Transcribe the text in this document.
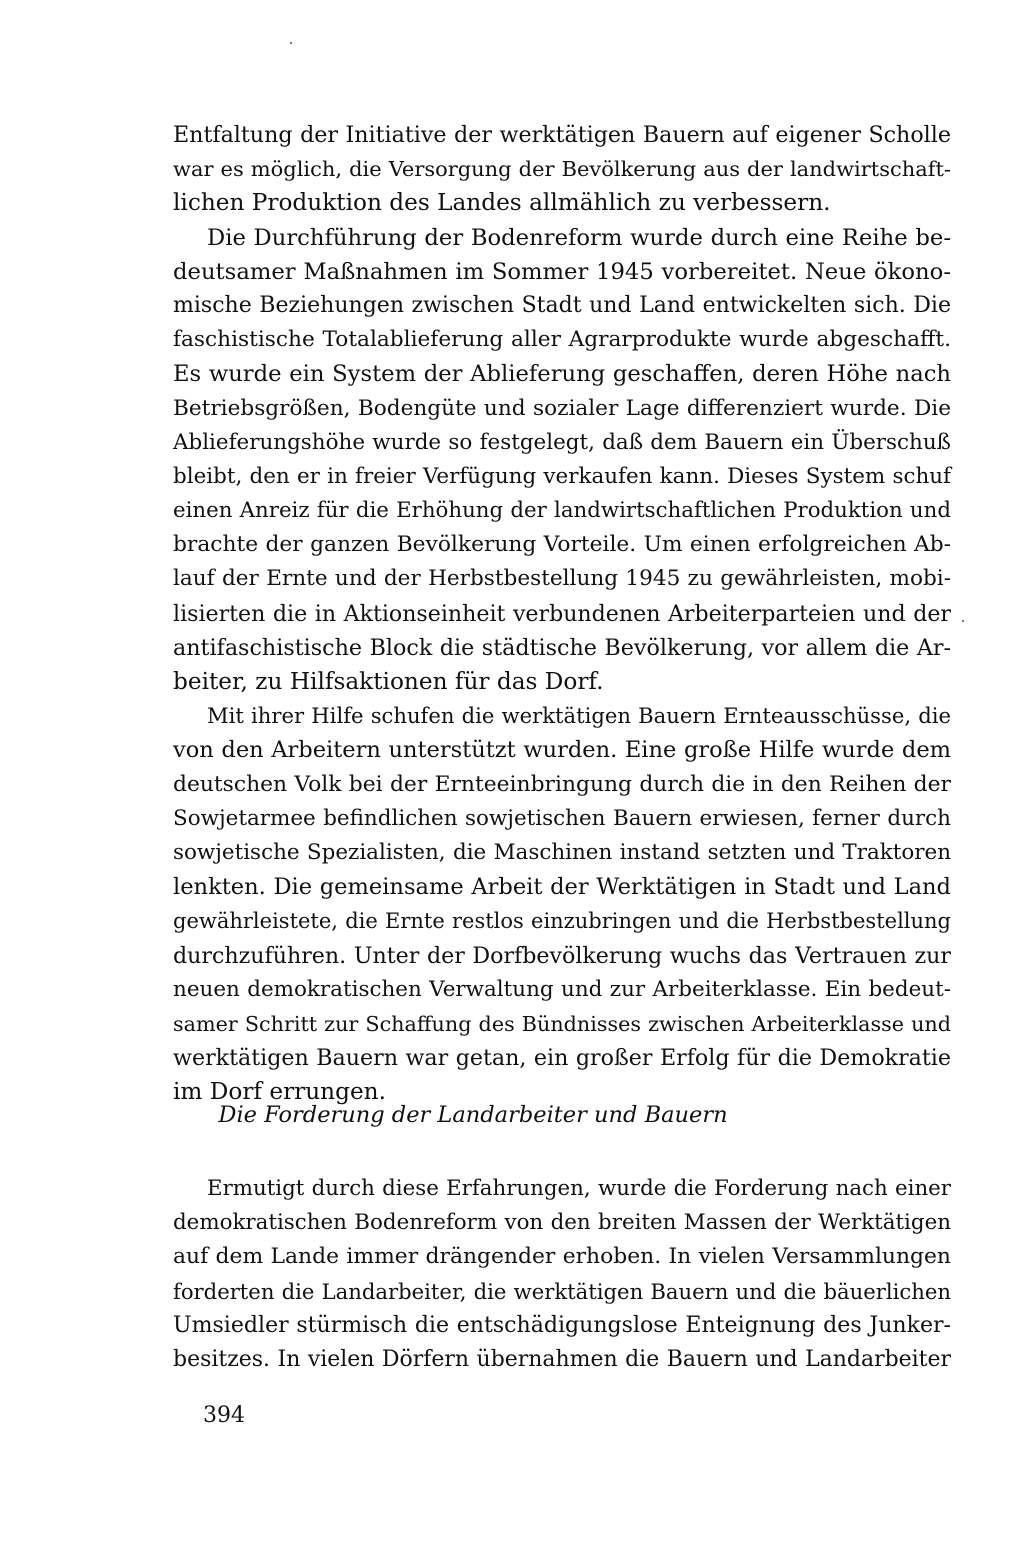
Entfaltung der Initiative der werktätigen Bauern auf eigener Scholle
war es möglich, die Versorgung der Bevölkerung aus der landwirtschaft-
lichen Produktion des Landes allmählich zu verbessern.
Die Durchführung der Bodenreform wurde durch eine Reihe be-
deutsamer Maßnahmen im Sommer 1945 vorbereitet. Neue ökono-
mische Beziehungen zwischen Stadt und Land entwickelten sich. Die
faschistische Totalablieferung aller Agrarprodukte wurde abgeschafft.
Es wurde ein System der Ablieferung geschaffen, deren Höhe nach
Betriebsgrößen, Bodengüte und sozialer Lage differenziert wurde. Die
Ablieferungshöhe wurde so festgelegt, daß dem Bauern ein Überschuß
bleibt, den er in freier Verfügung verkaufen kann. Dieses System schuf
einen Anreiz für die Erhöhung der landwirtschaftlichen Produktion und
brachte der ganzen Bevölkerung Vorteile. Um einen erfolgreichen Ab-
lauf der Ernte und der Herbstbestellung 1945 zu gewährleisten, mobi-
lisierten die in Aktionseinheit verbundenen Arbeiterparteien und der
antifaschistische Block die städtische Bevölkerung, vor allem die Ar-
beiter, zu Hilfsaktionen für das Dorf.
Mit ihrer Hilfe schufen die werktätigen Bauern Ernteausschüsse, die
von den Arbeitern unterstützt wurden. Eine große Hilfe wurde dem
deutschen Volk bei der Ernteeinbringung durch die in den Reihen der
Sowjetarmee befindlichen sowjetischen Bauern erwiesen, ferner durch
sowjetische Spezialisten, die Maschinen instand setzten und Traktoren
lenkten. Die gemeinsame Arbeit der Werktätigen in Stadt und Land
gewährleistete, die Ernte restlos einzubringen und die Herbstbestellung
durchzuführen. Unter der Dorfbevölkerung wuchs das Vertrauen zur
neuen demokratischen Verwaltung und zur Arbeiterklasse. Ein bedeut-
samer Schritt zur Schaffung des Bündnisses zwischen Arbeiterklasse und
werktätigen Bauern war getan, ein großer Erfolg für die Demokratie
im Dorf errungen.
Die Forderung der Landarbeiter und Bauern
Ermutigt durch diese Erfahrungen, wurde die Forderung nach einer
demokratischen Bodenreform von den breiten Massen der Werktätigen
auf dem Lande immer drängender erhoben. In vielen Versammlungen
forderten die Landarbeiter, die werktätigen Bauern und die bäuerlichen
Umsiedler stürmisch die entschädigungslose Enteignung des Junker-
besitzes. In vielen Dörfern übernahmen die Bauern und Landarbeiter
394
